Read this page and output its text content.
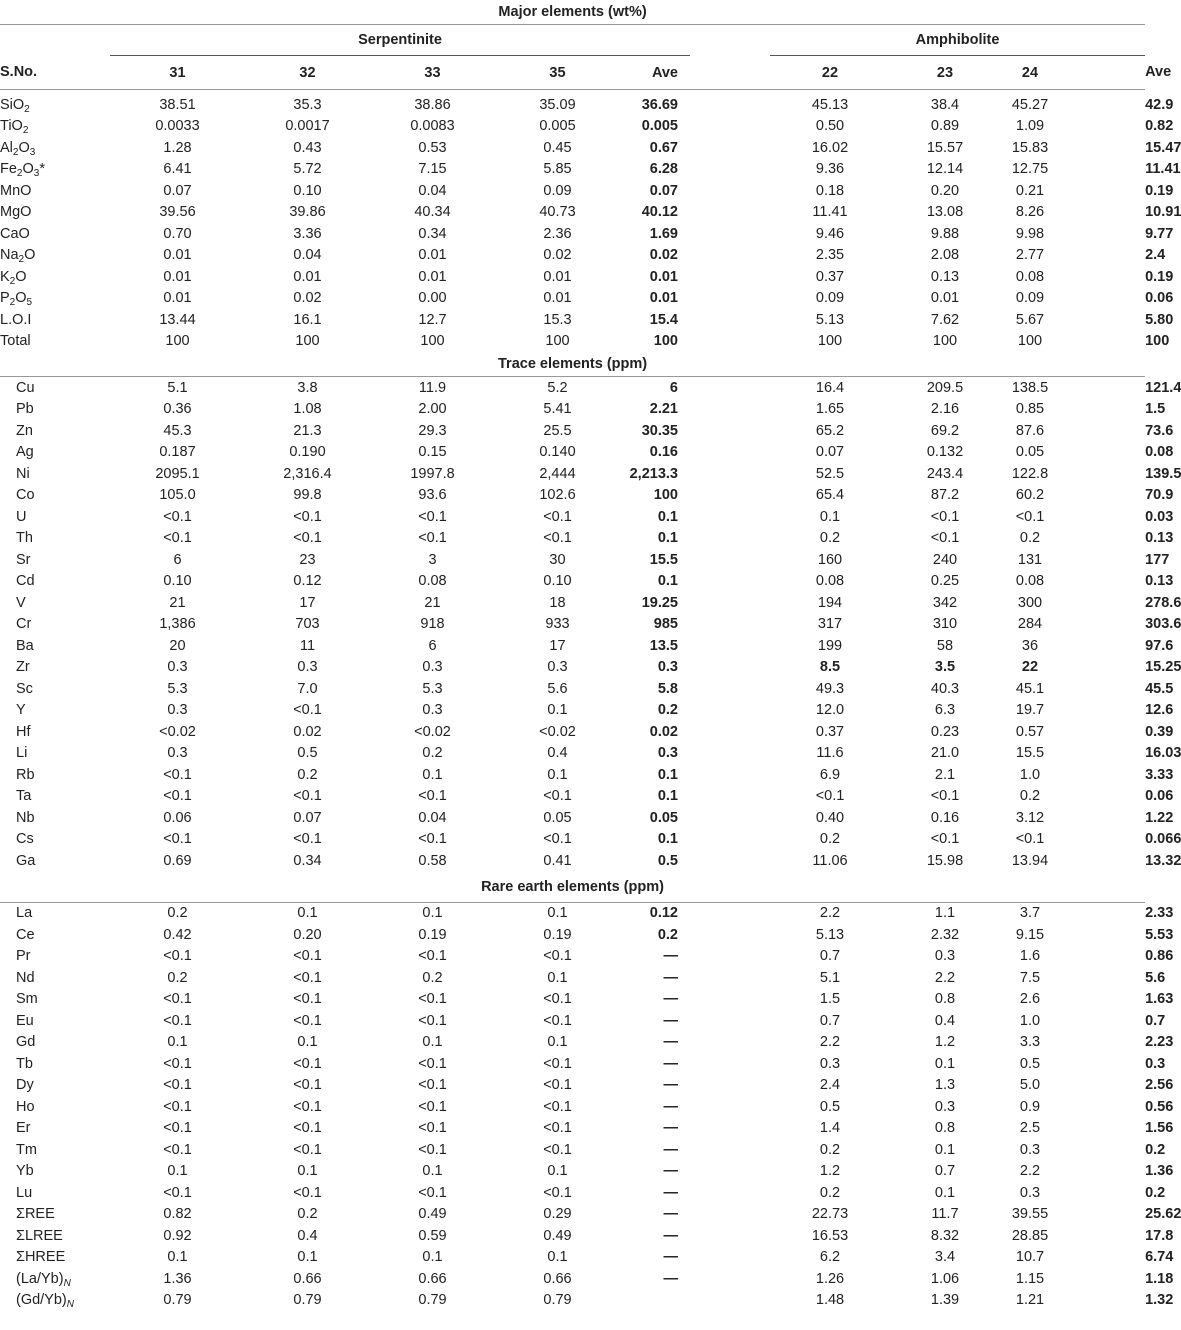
Major elements (wt%)											
	Serpentinite						Amphibolite				
S.No.	31	32	33	35	Ave		22	23	24		Ave

SiO$_2$	38.51	35.3	38.86	35.09	36.69		45.13	38.4	45.27		42.9
TiO$_2$	0.0033	0.0017	0.0083	0.005	0.005		0.50	0.89	1.09		0.82
$Al_2O_3$	1.28	0.43	0.53	0.45	0.67		16.02	15.57	15.83		15.47
$Fe_2O_3*$	6.41	5.72	7.15	5.85	6.28		9.36	12.14	12.75		11.41
MnO	0.07	0.10	0.04	0.09	0.07		0.18	0.20	0.21		0.19
MgO	39.56	39.86	40.34	40.73	40.12		11.41	13.08	8.26		10.91
CaO	0.70	3.36	0.34	2.36	1.69		9.46	9.88	9.98		9.77
$Na_2O$	0.01	0.04	0.01	0.02	0.02		2.35	2.08	2.77		2.4
$K_2O$	0.01	0.01	0.01	0.01	0.01		0.37	0.13	0.08		0.19
$P_2O_5$	0.01	0.02	0.00	0.01	0.01		0.09	0.01	0.09		0.06
L.O.I	13.44	16.1	12.7	15.3	15.4		5.13	7.62	5.67		5.80
Total	100	100	100	100	100		100	100	100		100
Trace elements (ppm)											
Cu	5.1	3.8	11.9	5.2	6		16.4	209.5	138.5		121.4
Pb	0.36	1.08	2.00	5.41	2.21		1.65	2.16	0.85		1.5
Zn	45.3	21.3	29.3	25.5	30.35		65.2	69.2	87.6		73.6
Ag	0.187	0.190	0.15	0.140	0.16		0.07	0.132	0.05		0.08
Ni	2095.1	2,316.4	1997.8	2,444	2,213.3		52.5	243.4	122.8		139.5
Co	105.0	99.8	93.6	102.6	100		65.4	87.2	60.2		70.9
U	<0.1	<0.1	<0.1	<0.1	0.1		0.1	<0.1	<0.1		0.03
Th	<0.1	<0.1	<0.1	<0.1	0.1		0.2	<0.1	0.2		0.13
Sr	6	23	3	30	15.5		160	240	131		177
Cd	0.10	0.12	0.08	0.10	0.1		0.08	0.25	0.08		0.13
V	21	17	21	18	19.25		194	342	300		278.6
Cr	1,386	703	918	933	985		317	310	284		303.6
Ba	20	11	6	17	13.5		199	58	36		97.6
Zr	0.3	0.3	0.3	0.3	0.3		8.5	3.5	22		15.25
Sc	5.3	7.0	5.3	5.6	5.8		49.3	40.3	45.1		45.5
Y	0.3	<0.1	0.3	0.1	0.2		12.0	6.3	19.7		12.6
Hf	<0.02	0.02	<0.02	<0.02	0.02		0.37	0.23	0.57		0.39
Li	0.3	0.5	0.2	0.4	0.3		11.6	21.0	15.5		16.03
Rb	<0.1	0.2	0.1	0.1	0.1		6.9	2.1	1.0		3.33
Ta	<0.1	<0.1	<0.1	<0.1	0.1		<0.1	<0.1	0.2		0.06
Nb	0.06	0.07	0.04	0.05	0.05		0.40	0.16	3.12		1.22
Cs	<0.1	<0.1	<0.1	<0.1	0.1		0.2	<0.1	<0.1		0.066
Ga	0.69	0.34	0.58	0.41	0.5		11.06	15.98	13.94		13.32
Rare earth elements (ppm)											
La	0.2	0.1	0.1	0.1	0.12		2.2	1.1	3.7		2.33
Ce	0.42	0.20	0.19	0.19	0.2		5.13	2.32	9.15		5.53
Pr	<0.1	<0.1	<0.1	<0.1	—		0.7	0.3	1.6		0.86
Nd	0.2	<0.1	0.2	0.1	—		5.1	2.2	7.5		5.6
Sm	<0.1	<0.1	<0.1	<0.1	—		1.5	0.8	2.6		1.63
Eu	<0.1	<0.1	<0.1	<0.1	—		0.7	0.4	1.0		0.7
Gd	0.1	0.1	0.1	0.1	—		2.2	1.2	3.3		2.23
Tb	<0.1	<0.1	<0.1	<0.1	—		0.3	0.1	0.5		0.3
Dy	<0.1	<0.1	<0.1	<0.1	—		2.4	1.3	5.0		2.56
Ho	<0.1	<0.1	<0.1	<0.1	—		0.5	0.3	0.9		0.56
Er	<0.1	<0.1	<0.1	<0.1	—		1.4	0.8	2.5		1.56
Tm	<0.1	<0.1	<0.1	<0.1	—		0.2	0.1	0.3		0.2
Yb	0.1	0.1	0.1	0.1	—		1.2	0.7	2.2		1.36
Lu	<0.1	<0.1	<0.1	<0.1	—		0.2	0.1	0.3		0.2
ΣREE	0.82	0.2	0.49	0.29	—		22.73	11.7	39.55		25.62
ΣLREE	0.92	0.4	0.59	0.49	—		16.53	8.32	28.85		17.8
ΣHREE	0.1	0.1	0.1	0.1	—		6.2	3.4	10.7		6.74
$(La/Yb)_N$	1.36	0.66	0.66	0.66	—		1.26	1.06	1.15		1.18
$(Gd/Yb)_N$	0.79	0.79	0.79	0.79			1.48	1.39	1.21		1.32
